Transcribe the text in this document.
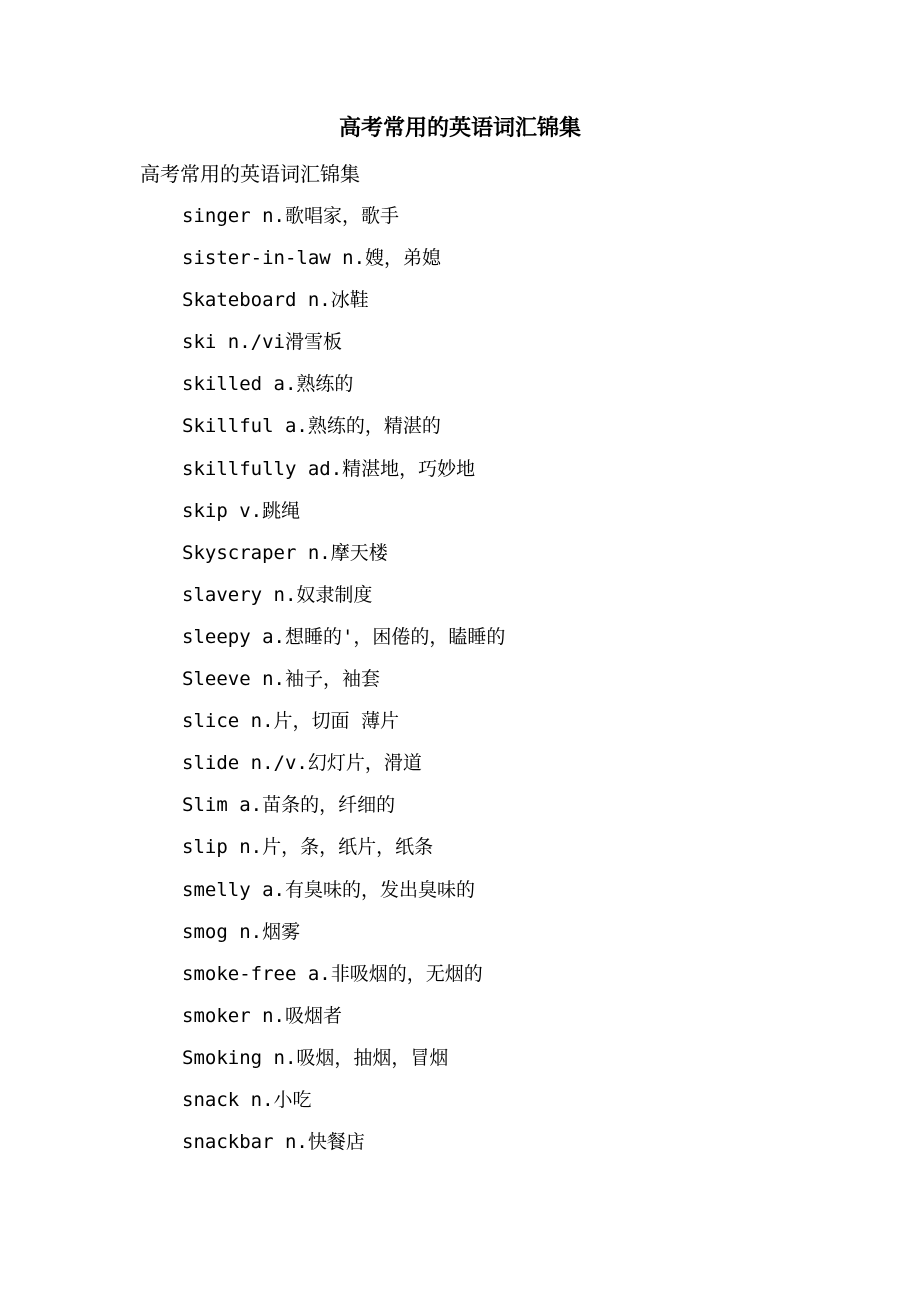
高考常用的英语词汇锦集

高考常用的英语词汇锦集

singer n.歌唱家，歌手
sister-in-law n.嫂，弟媳
Skateboard n.冰鞋
ski n./vi滑雪板
skilled a.熟练的
Skillful a.熟练的，精湛的
skillfully ad.精湛地，巧妙地
skip v.跳绳
Skyscraper n.摩天楼
slavery n.奴隶制度
sleepy a.想睡的'，困倦的，瞌睡的
Sleeve n.袖子，袖套
slice n.片，切面 薄片
slide n./v.幻灯片，滑道
Slim a.苗条的，纤细的
slip n.片，条，纸片，纸条
smelly a.有臭味的，发出臭味的
smog n.烟雾
smoke-free a.非吸烟的，无烟的
smoker n.吸烟者
Smoking n.吸烟，抽烟，冒烟
snack n.小吃
snackbar n.快餐店
